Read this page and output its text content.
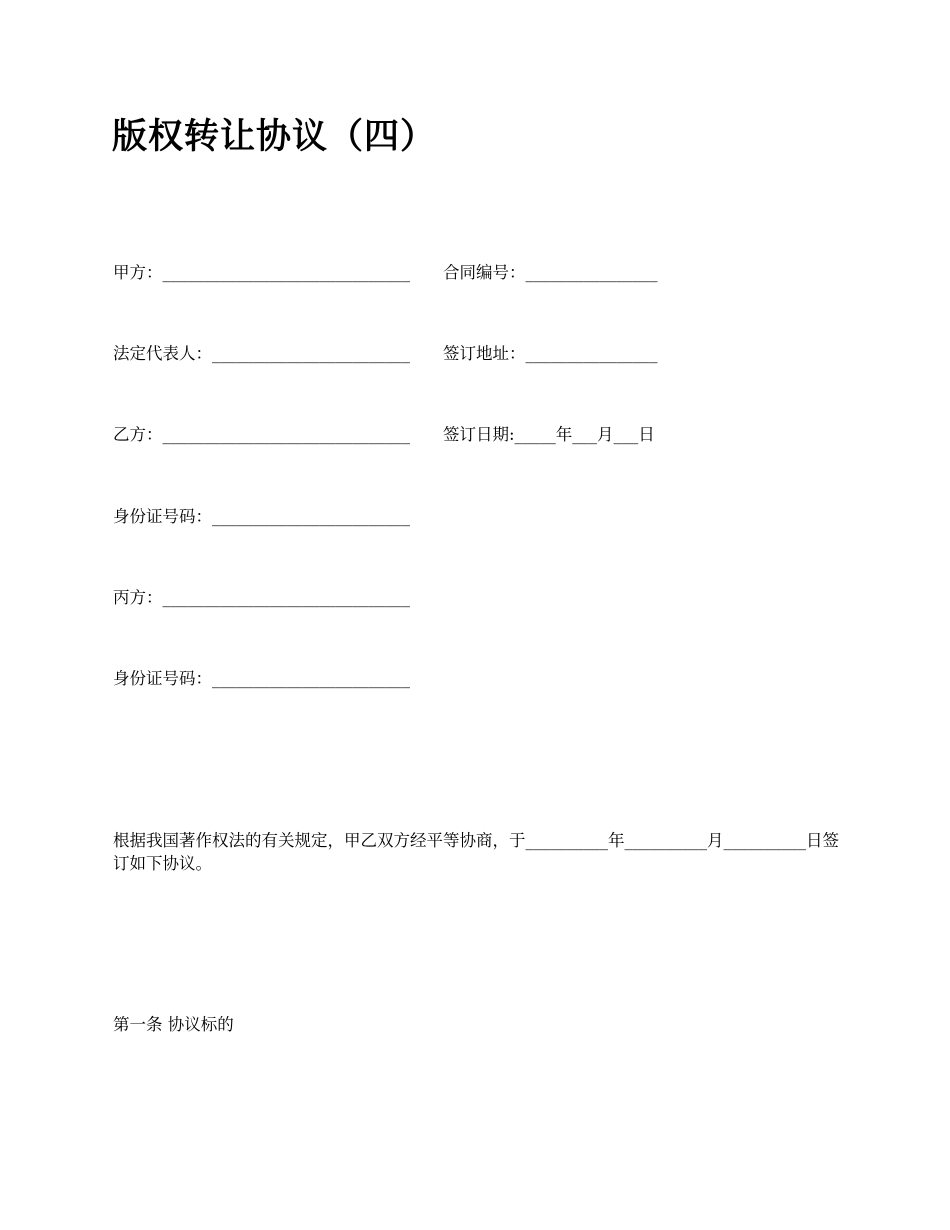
版权转让协议（四）
甲方：______________________________ 合同编号：________________
法定代表人：________________________ 签订地址：________________
乙方：______________________________ 签订日期:_____年___月___日
身份证号码：________________________
丙方：______________________________
身份证号码：________________________
根据我国著作权法的有关规定，甲乙双方经平等协商，于__________年__________月__________日签订如下协议。
第一条 协议标的
